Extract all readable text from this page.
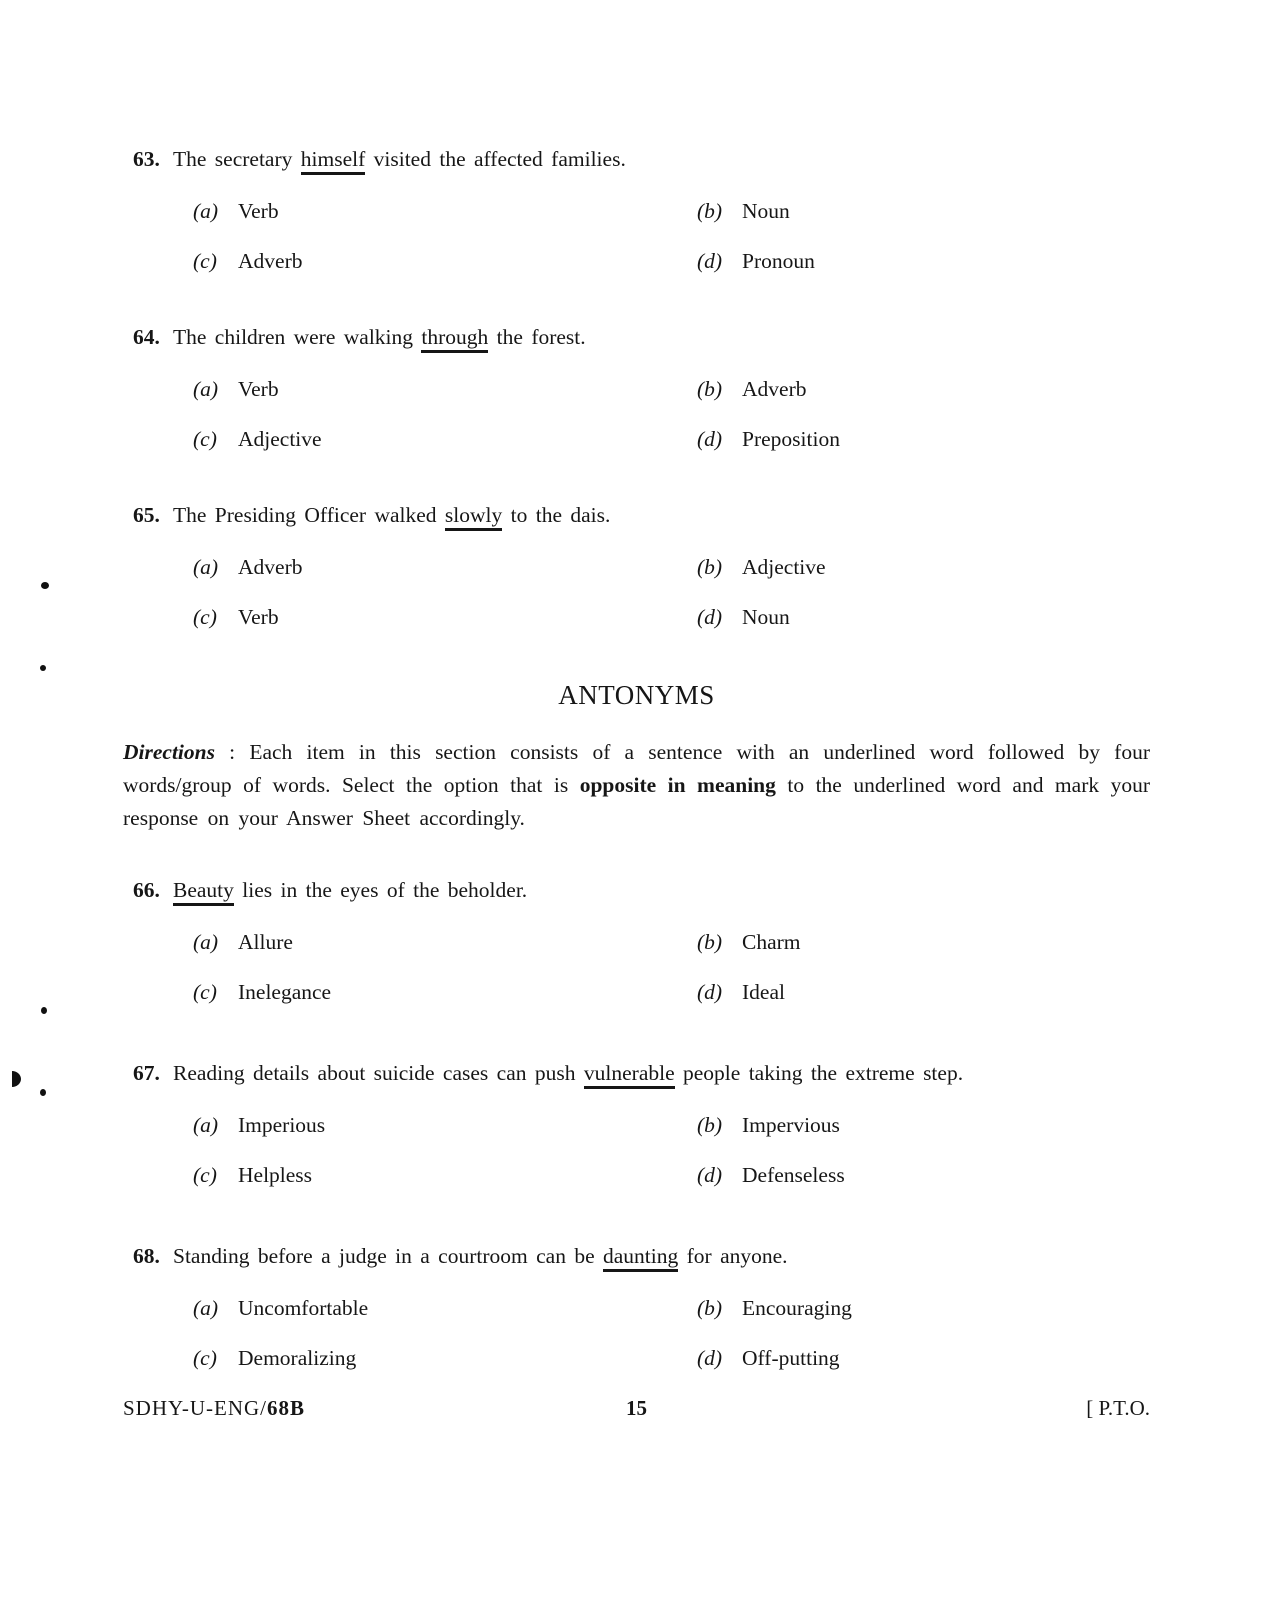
63. The secretary himself visited the affected families.

(a) Verb	(b) Noun
(c) Adverb	(d) Pronoun

64. The children were walking through the forest.

(a) Verb	(b) Adverb
(c) Adjective	(d) Preposition

65. The Presiding Officer walked slowly to the dais.

(a) Adverb	(b) Adjective
(c) Verb	(d) Noun
ANTONYMS

Directions : Each item in this section consists of a sentence with an underlined word followed by four words/group of words. Select the option that is opposite in meaning to the underlined word and mark your response on your Answer Sheet accordingly.

66. Beauty lies in the eyes of the beholder.

(a) Allure	(b) Charm
(c) Inelegance	(d) Ideal

67. Reading details about suicide cases can push vulnerable people taking the extreme step.

(a) Imperious	(b) Impervious
(c) Helpless	(d) Defenseless

68. Standing before a judge in a courtroom can be daunting for anyone.

(a) Uncomfortable	(b) Encouraging
(c) Demoralizing	(d) Off-putting
SDHY-U-ENG/68B	15	[ P.T.O.
